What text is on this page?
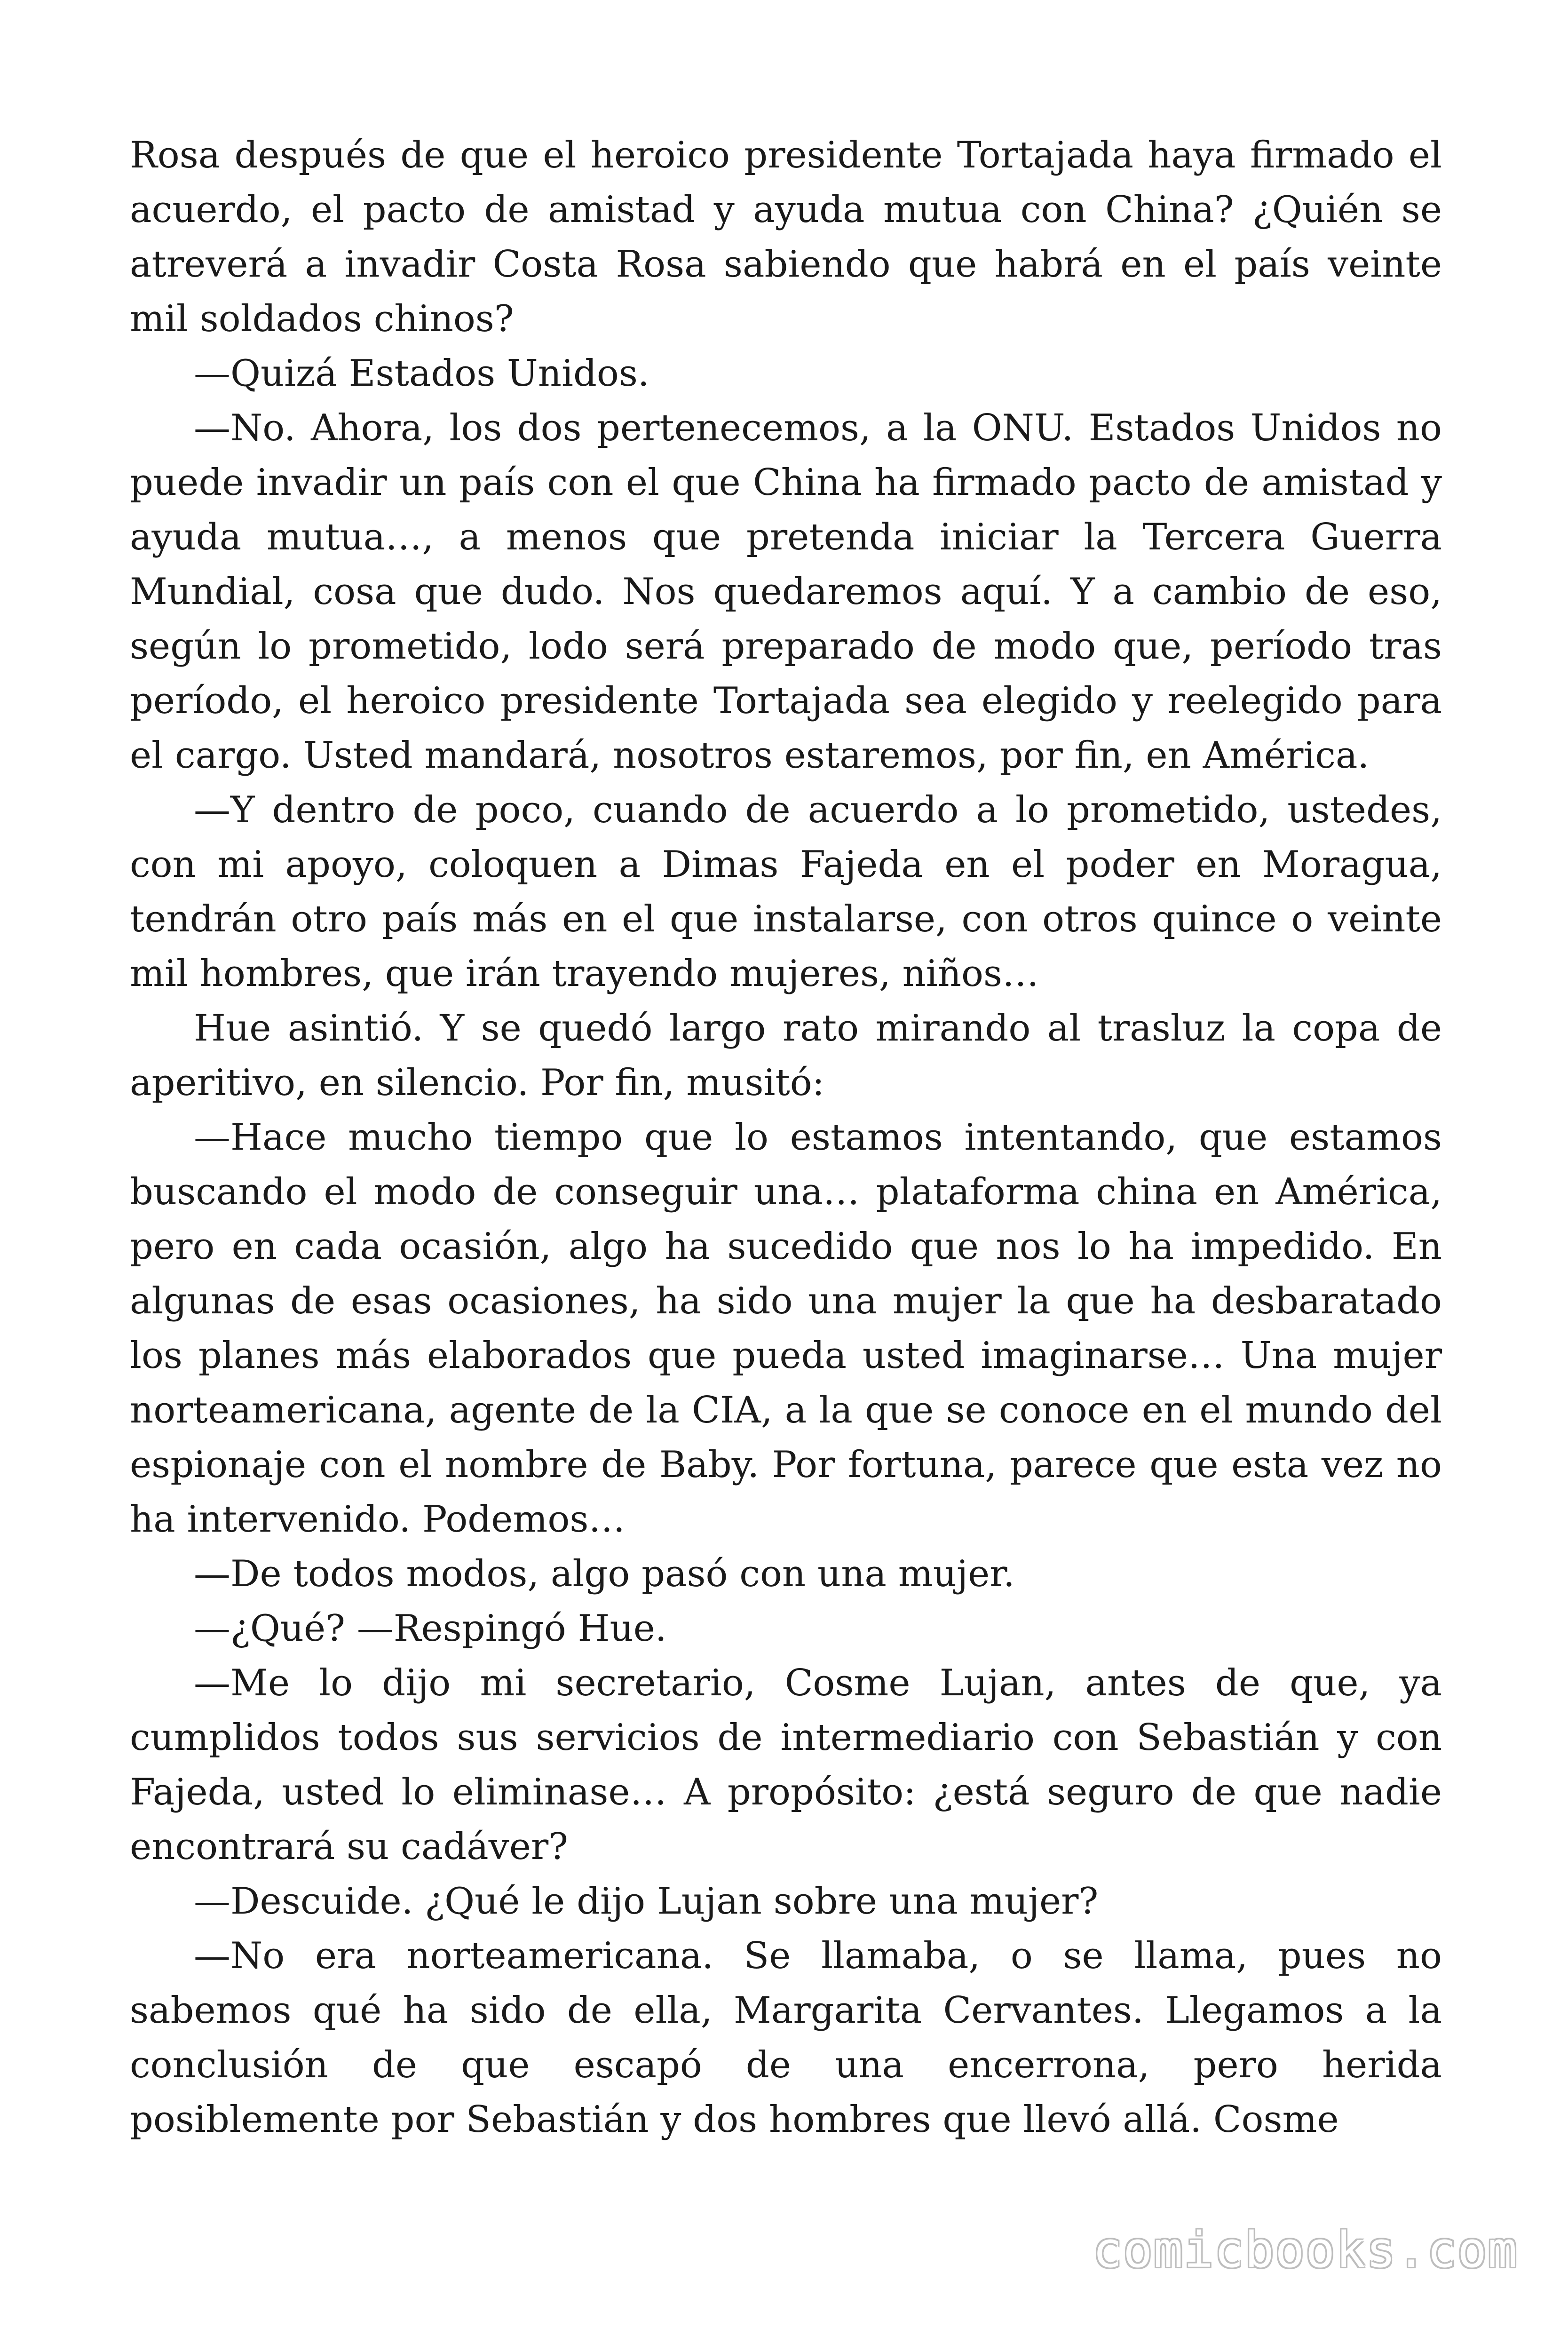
Rosa después de que el heroico presidente Tortajada haya firmado el acuerdo, el pacto de amistad y ayuda mutua con China? ¿Quién se atreverá a invadir Costa Rosa sabiendo que habrá en el país veinte mil soldados chinos?

—Quizá Estados Unidos.

—No. Ahora, los dos pertenecemos, a la ONU. Estados Unidos no puede invadir un país con el que China ha firmado pacto de amistad y ayuda mutua…, a menos que pretenda iniciar la Tercera Guerra Mundial, cosa que dudo. Nos quedaremos aquí. Y a cambio de eso, según lo prometido, lodo será preparado de modo que, período tras período, el heroico presidente Tortajada sea elegido y reelegido para el cargo. Usted mandará, nosotros estaremos, por fin, en América.

—Y dentro de poco, cuando de acuerdo a lo prometido, ustedes, con mi apoyo, coloquen a Dimas Fajeda en el poder en Moragua, tendrán otro país más en el que instalarse, con otros quince o veinte mil hombres, que irán trayendo mujeres, niños…

Hue asintió. Y se quedó largo rato mirando al trasluz la copa de aperitivo, en silencio. Por fin, musitó:

—Hace mucho tiempo que lo estamos intentando, que estamos buscando el modo de conseguir una… plataforma china en América, pero en cada ocasión, algo ha sucedido que nos lo ha impedido. En algunas de esas ocasiones, ha sido una mujer la que ha desbaratado los planes más elaborados que pueda usted imaginarse… Una mujer norteamericana, agente de la CIA, a la que se conoce en el mundo del espionaje con el nombre de Baby. Por fortuna, parece que esta vez no ha intervenido. Podemos…

—De todos modos, algo pasó con una mujer.

—¿Qué? —Respingó Hue.

—Me lo dijo mi secretario, Cosme Lujan, antes de que, ya cumplidos todos sus servicios de intermediario con Sebastián y con Fajeda, usted lo eliminase… A propósito: ¿está seguro de que nadie encontrará su cadáver?

—Descuide. ¿Qué le dijo Lujan sobre una mujer?

—No era norteamericana. Se llamaba, o se llama, pues no sabemos qué ha sido de ella, Margarita Cervantes. Llegamos a la conclusión de que escapó de una encerrona, pero herida posiblemente por Sebastián y dos hombres que llevó allá. Cosme

comicbooks.com
